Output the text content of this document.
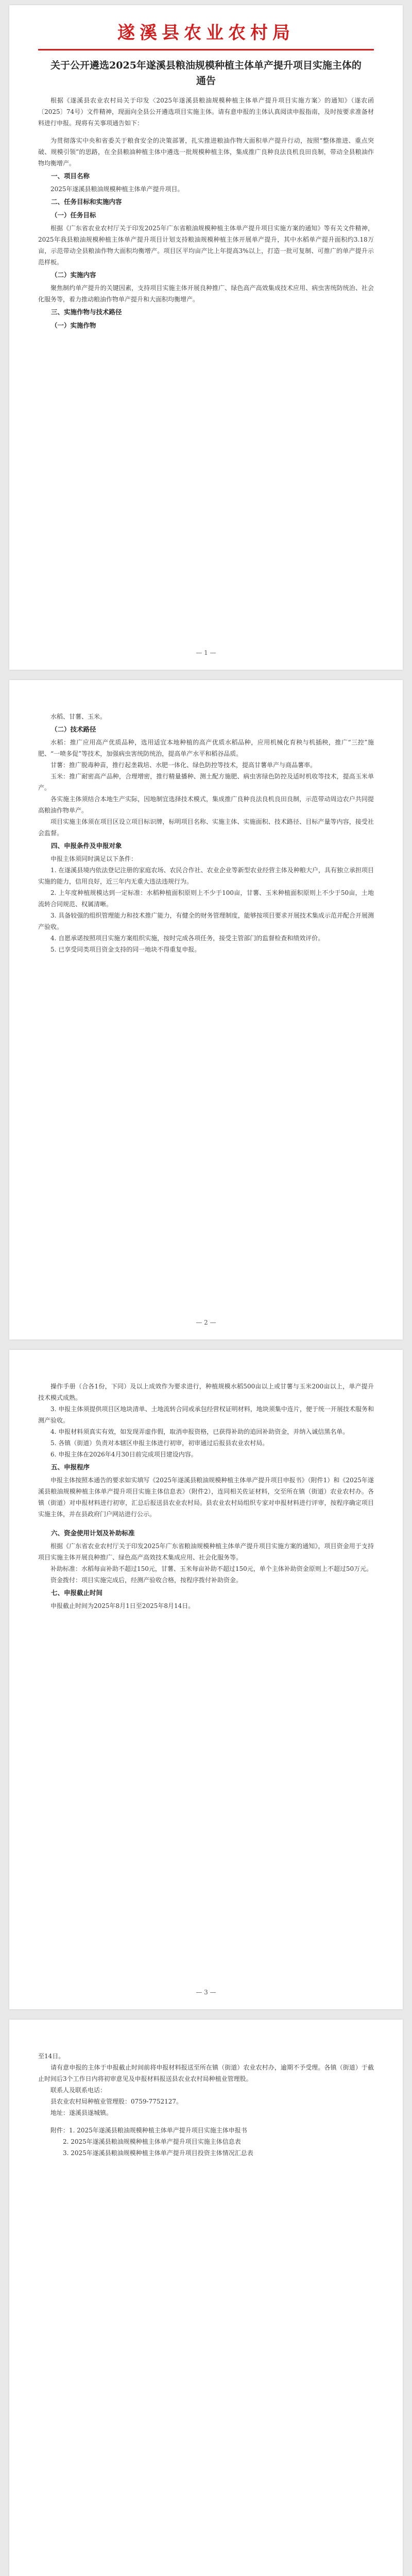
遂溪县农业农村局
关于公开遴选2025年遂溪县粮油规模种植主体单产提升项目实施主体的通告

根据《遂溪县农业农村局关于印发〈2025年遂溪县粮油规模种植主体单产提升项目实施方案〉的通知》（遂农函〔2025〕74号）文件精神，现面向全县公开遴选项目实施主体。请有意申报的主体认真阅读申报指南，及时按要求准备材料进行申报。现将有关事项通告如下：

为贯彻落实中央和省委关于粮食安全的决策部署，扎实推进粮油作物大面积单产提升行动，按照“整体推进、重点突破、规模引领”的思路，在全县粮油种植主体中遴选一批规模种植主体，集成推广良种良法良机良田良制，带动全县粮油作物均衡增产。

一、项目名称

2025年遂溪县粮油规模种植主体单产提升项目。

二、任务目标和实施内容
（一）任务目标

根据《广东省农业农村厅关于印发2025年广东省粮油规模种植主体单产提升项目实施方案的通知》等有关文件精神，2025年我县粮油规模种植主体单产提升项目计划支持粮油规模种植主体开展单产提升，其中水稻单产提升面积约3.18万亩，示范带动全县粮油作物大面积均衡增产。项目区平均亩产比上年提高3%以上，打造一批可复制、可推广的单产提升示范样板。

（二）实施内容

聚焦制约单产提升的关键因素，支持项目实施主体开展良种推广、绿色高产高效集成技术应用、病虫害统防统治、社会化服务等，着力推动粮油作物单产提升和大面积均衡增产。

三、实施作物与技术路径
（一）实施作物
— 1 —

水稻、甘薯、玉米。

（二）技术路径

水稻：推广应用高产优质品种，选用适宜本地种植的高产优质水稻品种，应用机械化育秧与机插秧，推广“三控”施肥、“一喷多促”等技术，加强病虫害统防统治，提高单产水平和稻谷品质。

甘薯：推广脱毒种苗，推行起垄栽培、水肥一体化、绿色防控等技术，提高甘薯单产与商品薯率。

玉米：推广耐密高产品种，合理增密，推行精量播种、测土配方施肥、病虫害绿色防控及适时机收等技术，提高玉米单产。

各实施主体须结合本地生产实际，因地制宜选择技术模式，集成推广良种良法良机良田良制，示范带动周边农户共同提高粮油作物单产。

项目实施主体须在项目区设立项目标识牌，标明项目名称、实施主体、实施面积、技术路径、目标产量等内容，接受社会监督。

四、申报条件及申报对象

申报主体须同时满足以下条件：

1. 在遂溪县境内依法登记注册的家庭农场、农民合作社、农业企业等新型农业经营主体及种粮大户，具有独立承担项目实施的能力，信用良好，近三年内无重大违法违规行为。

2. 上年度种植规模达到一定标准：水稻种植面积原则上不少于100亩，甘薯、玉米种植面积原则上不少于50亩，土地流转合同规范、权属清晰。

3. 具备较强的组织管理能力和技术推广能力，有健全的财务管理制度，能够按项目要求开展技术集成示范并配合开展测产验收。

4. 自愿承诺按照项目实施方案组织实施，按时完成各项任务，接受主管部门的监督检查和绩效评价。

5. 已享受同类项目资金支持的同一地块不得重复申报。

— 2 —

操作手册（合各1份，下同）及以上成效作为要求进行，种植规模水稻500亩以上或甘薯与玉米200亩以上，单产提升技术模式成熟。

3. 申报主体须提供项目区地块清单、土地流转合同或承包经营权证明材料，地块须集中连片，便于统一开展技术服务和测产验收。

4. 申报材料须真实有效，如发现弄虚作假，取消申报资格，已获得补助的追回补助资金，并纳入诚信黑名单。

5. 各镇（街道）负责对本辖区申报主体进行初审，初审通过后报县农业农村局。

6. 申报主体在2026年4月30日前完成项目建设内容。

五、申报程序

申报主体按照本通告的要求如实填写《2025年遂溪县粮油规模种植主体单产提升项目申报书》（附件1）和《2025年遂溪县粮油规模种植主体单产提升项目实施主体信息表》（附件2），连同相关佐证材料，交至所在镇（街道）农业农村办。各镇（街道）对申报材料进行初审，汇总后报送县农业农村局。县农业农村局组织专家对申报材料进行评审，按程序确定项目实施主体，并在县政府门户网站进行公示。

六、资金使用计划及补助标准

根据《广东省农业农村厅关于印发2025年广东省粮油规模种植主体单产提升项目实施方案的通知》，项目资金用于支持项目实施主体开展良种推广、绿色高产高效技术集成应用、社会化服务等。

补助标准：水稻每亩补助不超过150元，甘薯、玉米每亩补助不超过150元，单个主体补助资金原则上不超过50万元。

资金拨付：项目实施完成后，经测产验收合格，按程序拨付补助资金。

七、申报截止时间

申报截止时间为2025年8月1日至2025年8月14日。

— 3 —

至14日。

请有意申报的主体于申报截止时间前将申报材料报送至所在镇（街道）农业农村办，逾期不予受理。各镇（街道）于截止时间后3个工作日内将初审意见及申报材料报送县农业农村局种植业管理股。

联系人及联系电话：

县农业农村局种植业管理股：0759-7752127。

地址：遂溪县遂城镇。

附件：1. 2025年遂溪县粮油规模种植主体单产提升项目实施主体申报书

2. 2025年遂溪县粮油规模种植主体单产提升项目实施主体信息表

3. 2025年遂溪县粮油规模种植主体单产提升项目投资主体情况汇总表
